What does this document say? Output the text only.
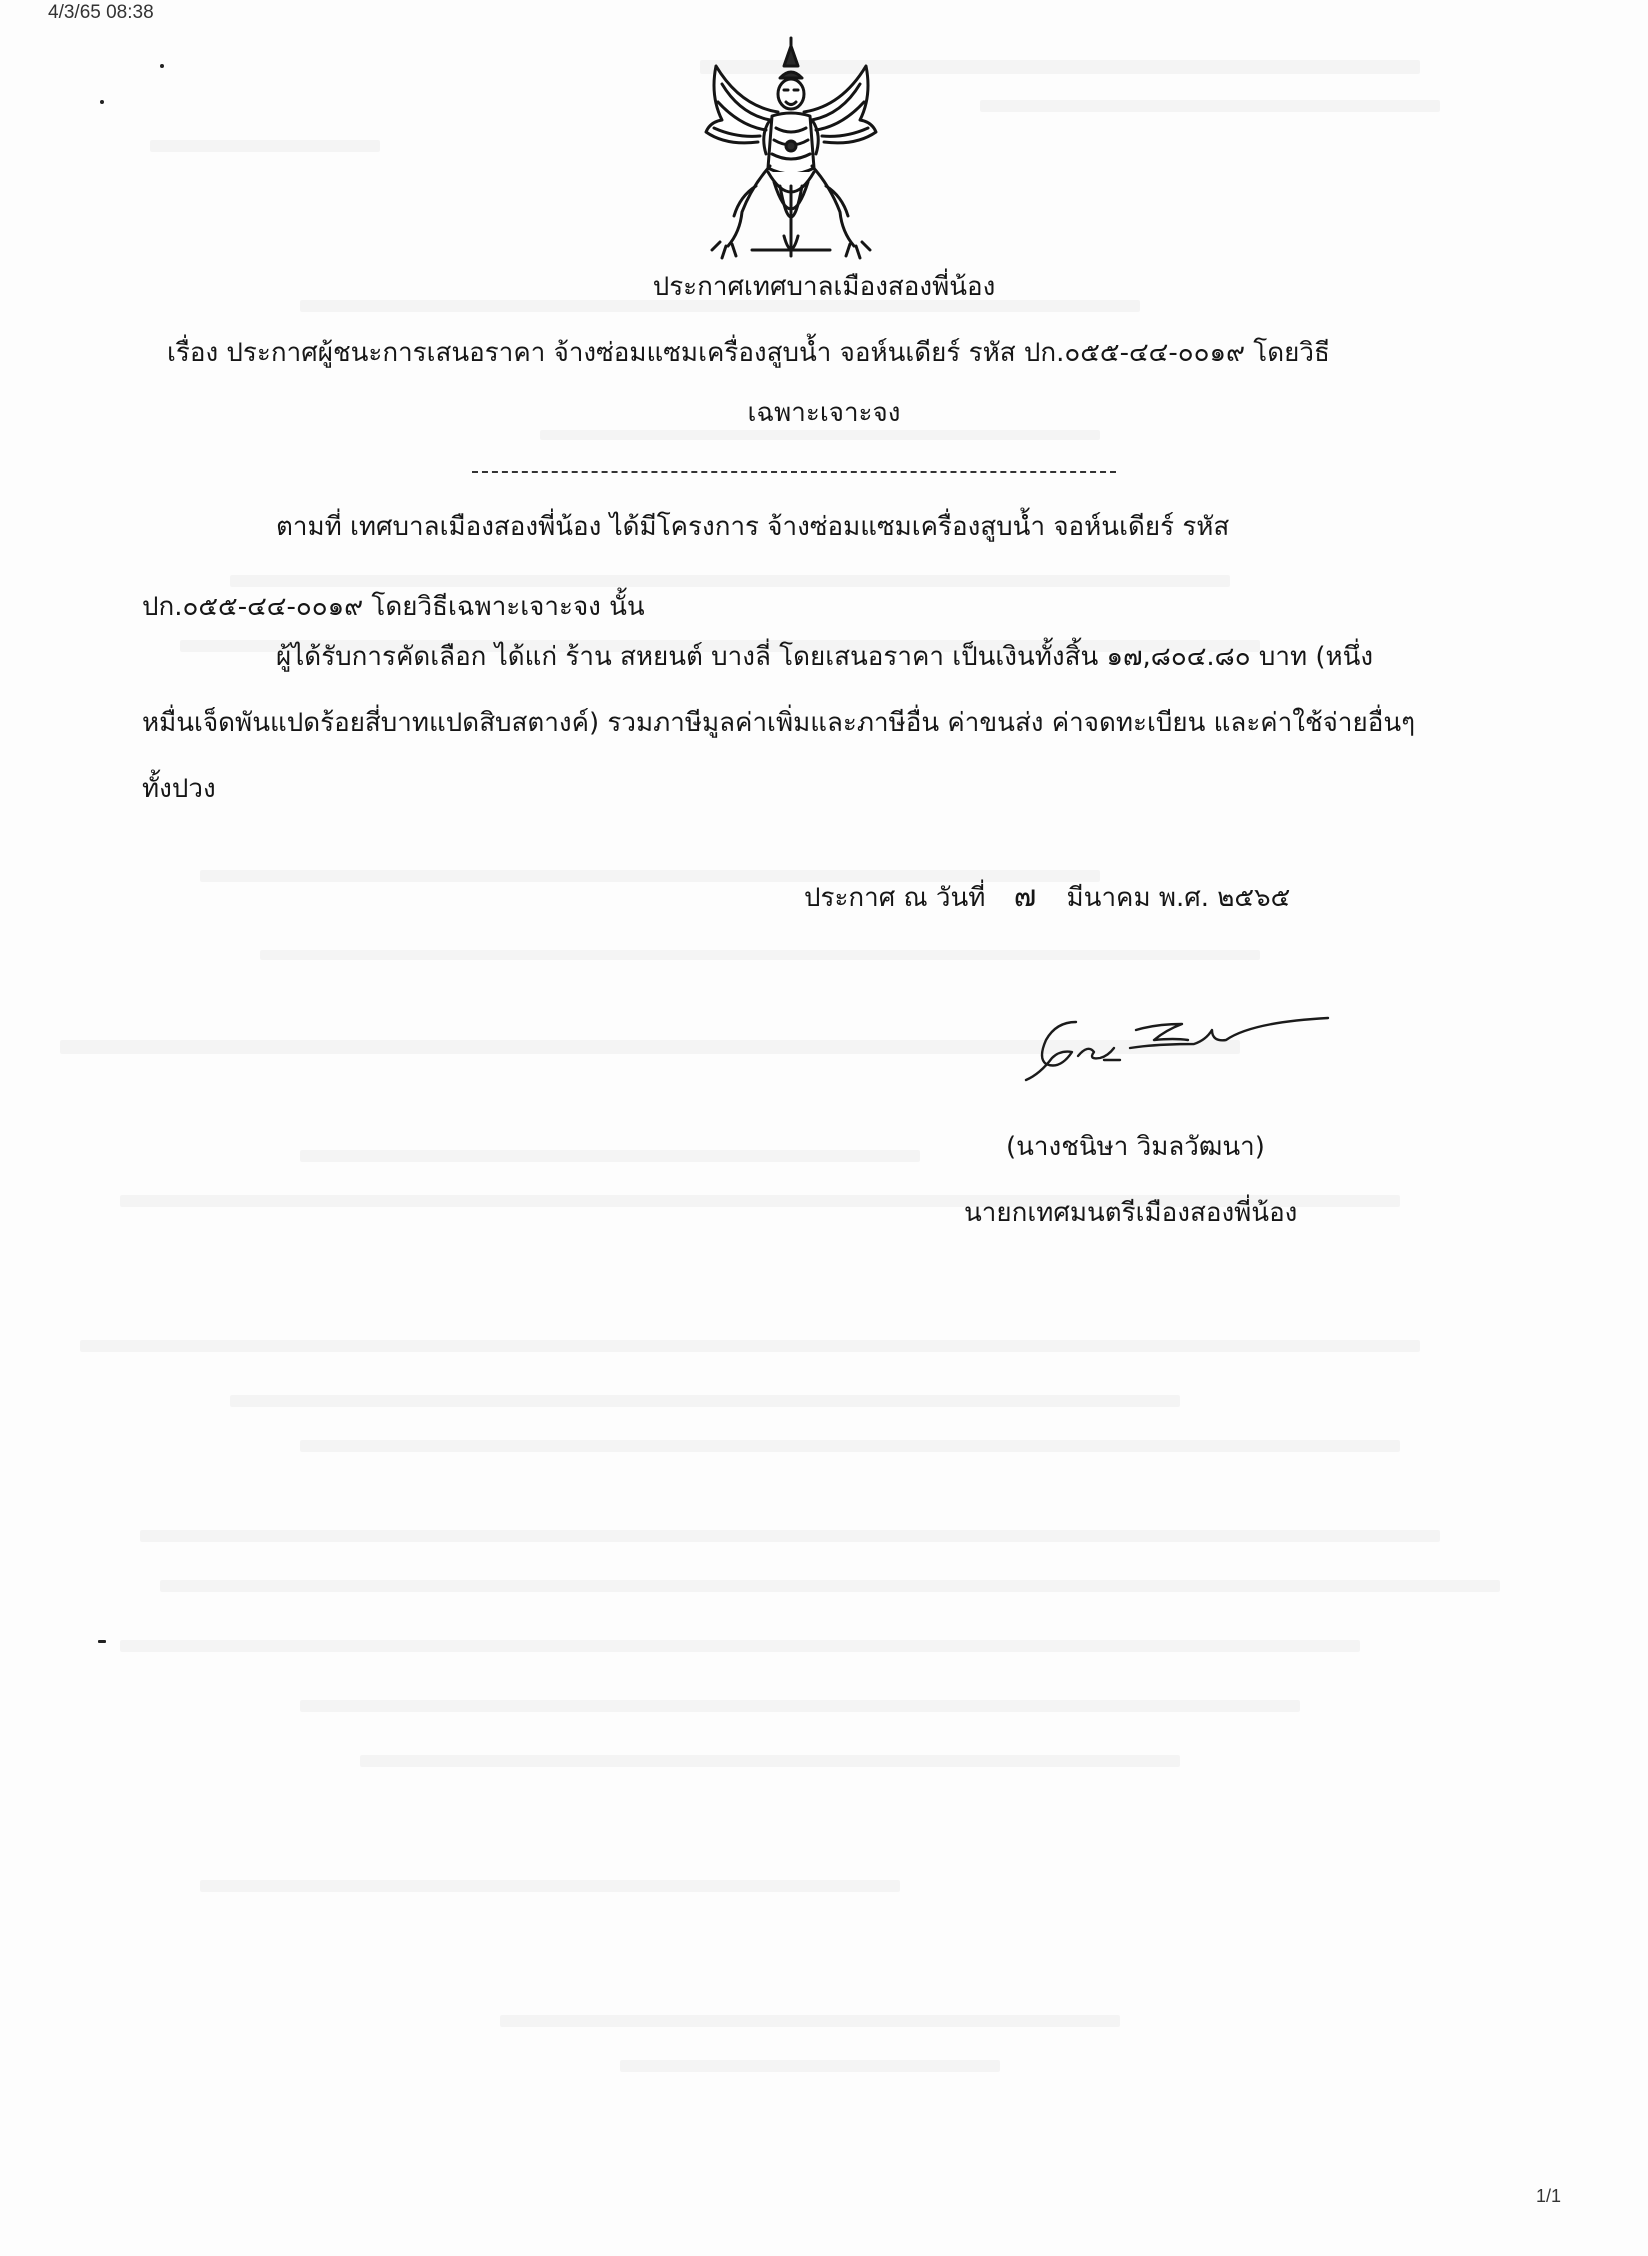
4/3/65 08:38
ประกาศเทศบาลเมืองสองพี่น้อง
เรื่อง ประกาศผู้ชนะการเสนอราคา จ้างซ่อมแซมเครื่องสูบน้ำ จอห์นเดียร์ รหัส ปก.๐๕๕-๔๔-๐๐๑๙ โดยวิธี
เฉพาะเจาะจง
ตามที่ เทศบาลเมืองสองพี่น้อง ได้มีโครงการ จ้างซ่อมแซมเครื่องสูบน้ำ จอห์นเดียร์ รหัส
ปก.๐๕๕-๔๔-๐๐๑๙ โดยวิธีเฉพาะเจาะจง นั้น
ผู้ได้รับการคัดเลือก ได้แก่ ร้าน สหยนต์ บางลี่ โดยเสนอราคา เป็นเงินทั้งสิ้น ๑๗,๘๐๔.๘๐ บาท (หนึ่ง
หมื่นเจ็ดพันแปดร้อยสี่บาทแปดสิบสตางค์) รวมภาษีมูลค่าเพิ่มและภาษีอื่น ค่าขนส่ง ค่าจดทะเบียน และค่าใช้จ่ายอื่นๆ
ทั้งปวง
ประกาศ ณ วันที่ ๗ มีนาคม พ.ศ. ๒๕๖๕
(นางชนิษา วิมลวัฒนา)
นายกเทศมนตรีเมืองสองพี่น้อง
1/1
